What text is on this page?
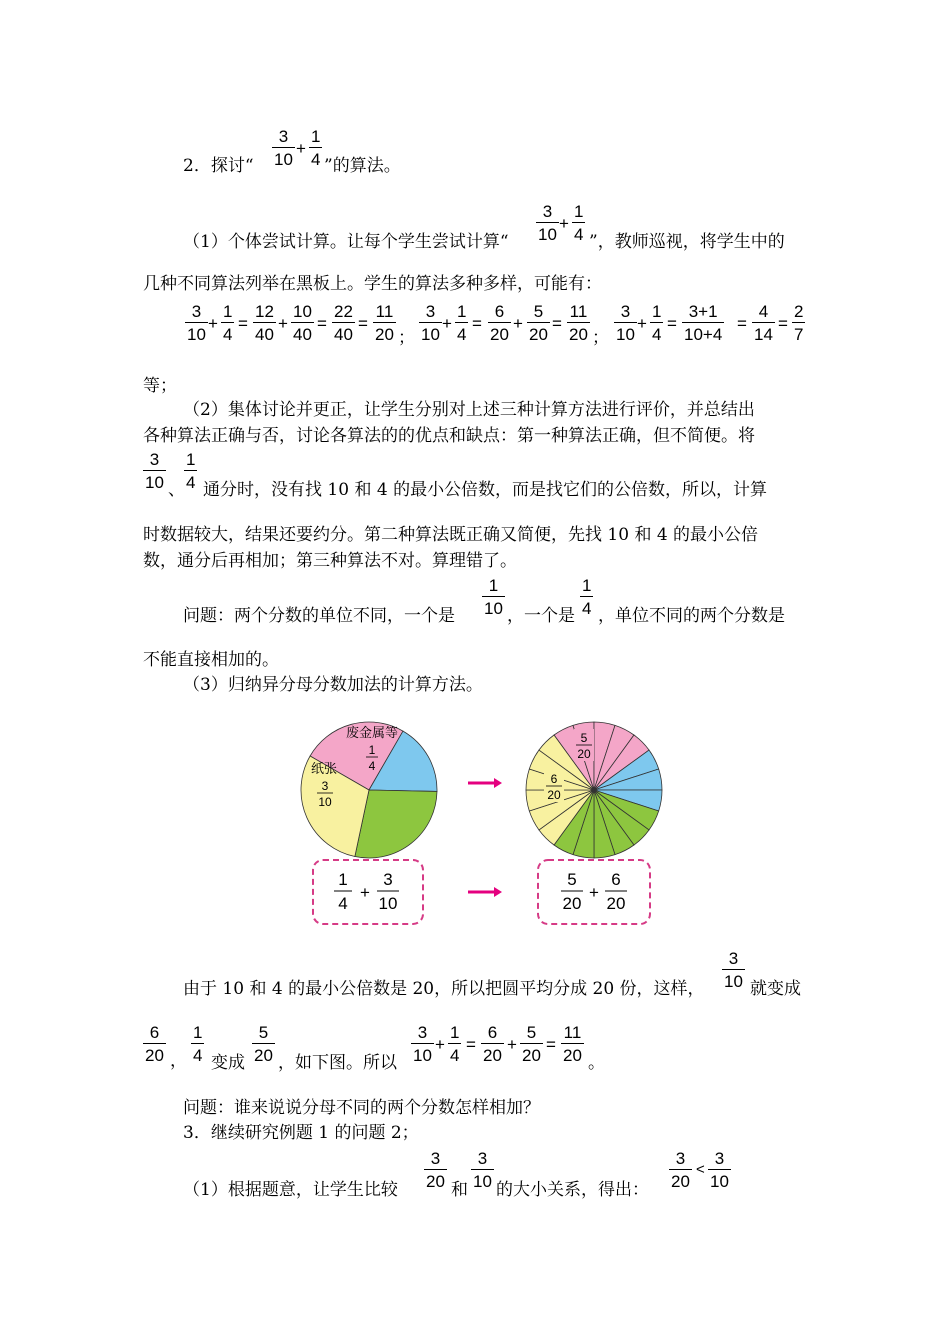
2．探讨“ $\frac{3}{10} + \frac{1}{4}$ ”的算法。
（1）个体尝试计算。让每个学生尝试计算“ $\frac{3}{10} + \frac{1}{4}$ ”，教师巡视，将学生中的
几种不同算法列举在黑板上。学生的算法多种多样，可能有：
$\frac{3}{10} + \frac{1}{4} = \frac{12}{40} + \frac{10}{40} = \frac{22}{40} = \frac{11}{20}$ ； $\frac{3}{10} + \frac{1}{4} = \frac{6}{20} + \frac{5}{20} = \frac{11}{20}$ ； $\frac{3}{10} + \frac{1}{4} = \frac{3+1}{10+4} = \frac{4}{14} = \frac{2}{7}$
等；
（2）集体讨论并更正，让学生分别对上述三种计算方法进行评价，并总结出
各种算法正确与否，讨论各算法的的优点和缺点：第一种算法正确，但不简便。将
$\frac{3}{10}$ 、 $\frac{1}{4}$ 通分时，没有找 10 和 4 的最小公倍数，而是找它们的公倍数，所以，计算
时数据较大，结果还要约分。第二种算法既正确又简便，先找 10 和 4 的最小公倍
数，通分后再相加；第三种算法不对。算理错了。
问题：两个分数的单位不同，一个是 $\frac{1}{10}$ ，一个是 $\frac{1}{4}$ ，单位不同的两个分数是
不能直接相加的。
（3）归纳异分母分数加法的计算方法。
废金属等
1
4
纸张
3
10
5
20
6
20
1
4
+
3
10
5
20
+
6
20
由于 10 和 4 的最小公倍数是 20，所以把圆平均分成 20 份，这样， $\frac{3}{10}$ 就变成
$\frac{6}{20}$ ， $\frac{1}{4}$ 变成 $\frac{5}{20}$ ，如下图。所以 $\frac{3}{10} + \frac{1}{4} = \frac{6}{20} + \frac{5}{20} = \frac{11}{20}$ 。
问题：谁来说说分母不同的两个分数怎样相加？
3．继续研究例题 1 的问题 2；
（1）根据题意，让学生比较 $\frac{3}{20}$ 和 $\frac{3}{10}$ 的大小关系，得出： $\frac{3}{20} < \frac{3}{10}$
